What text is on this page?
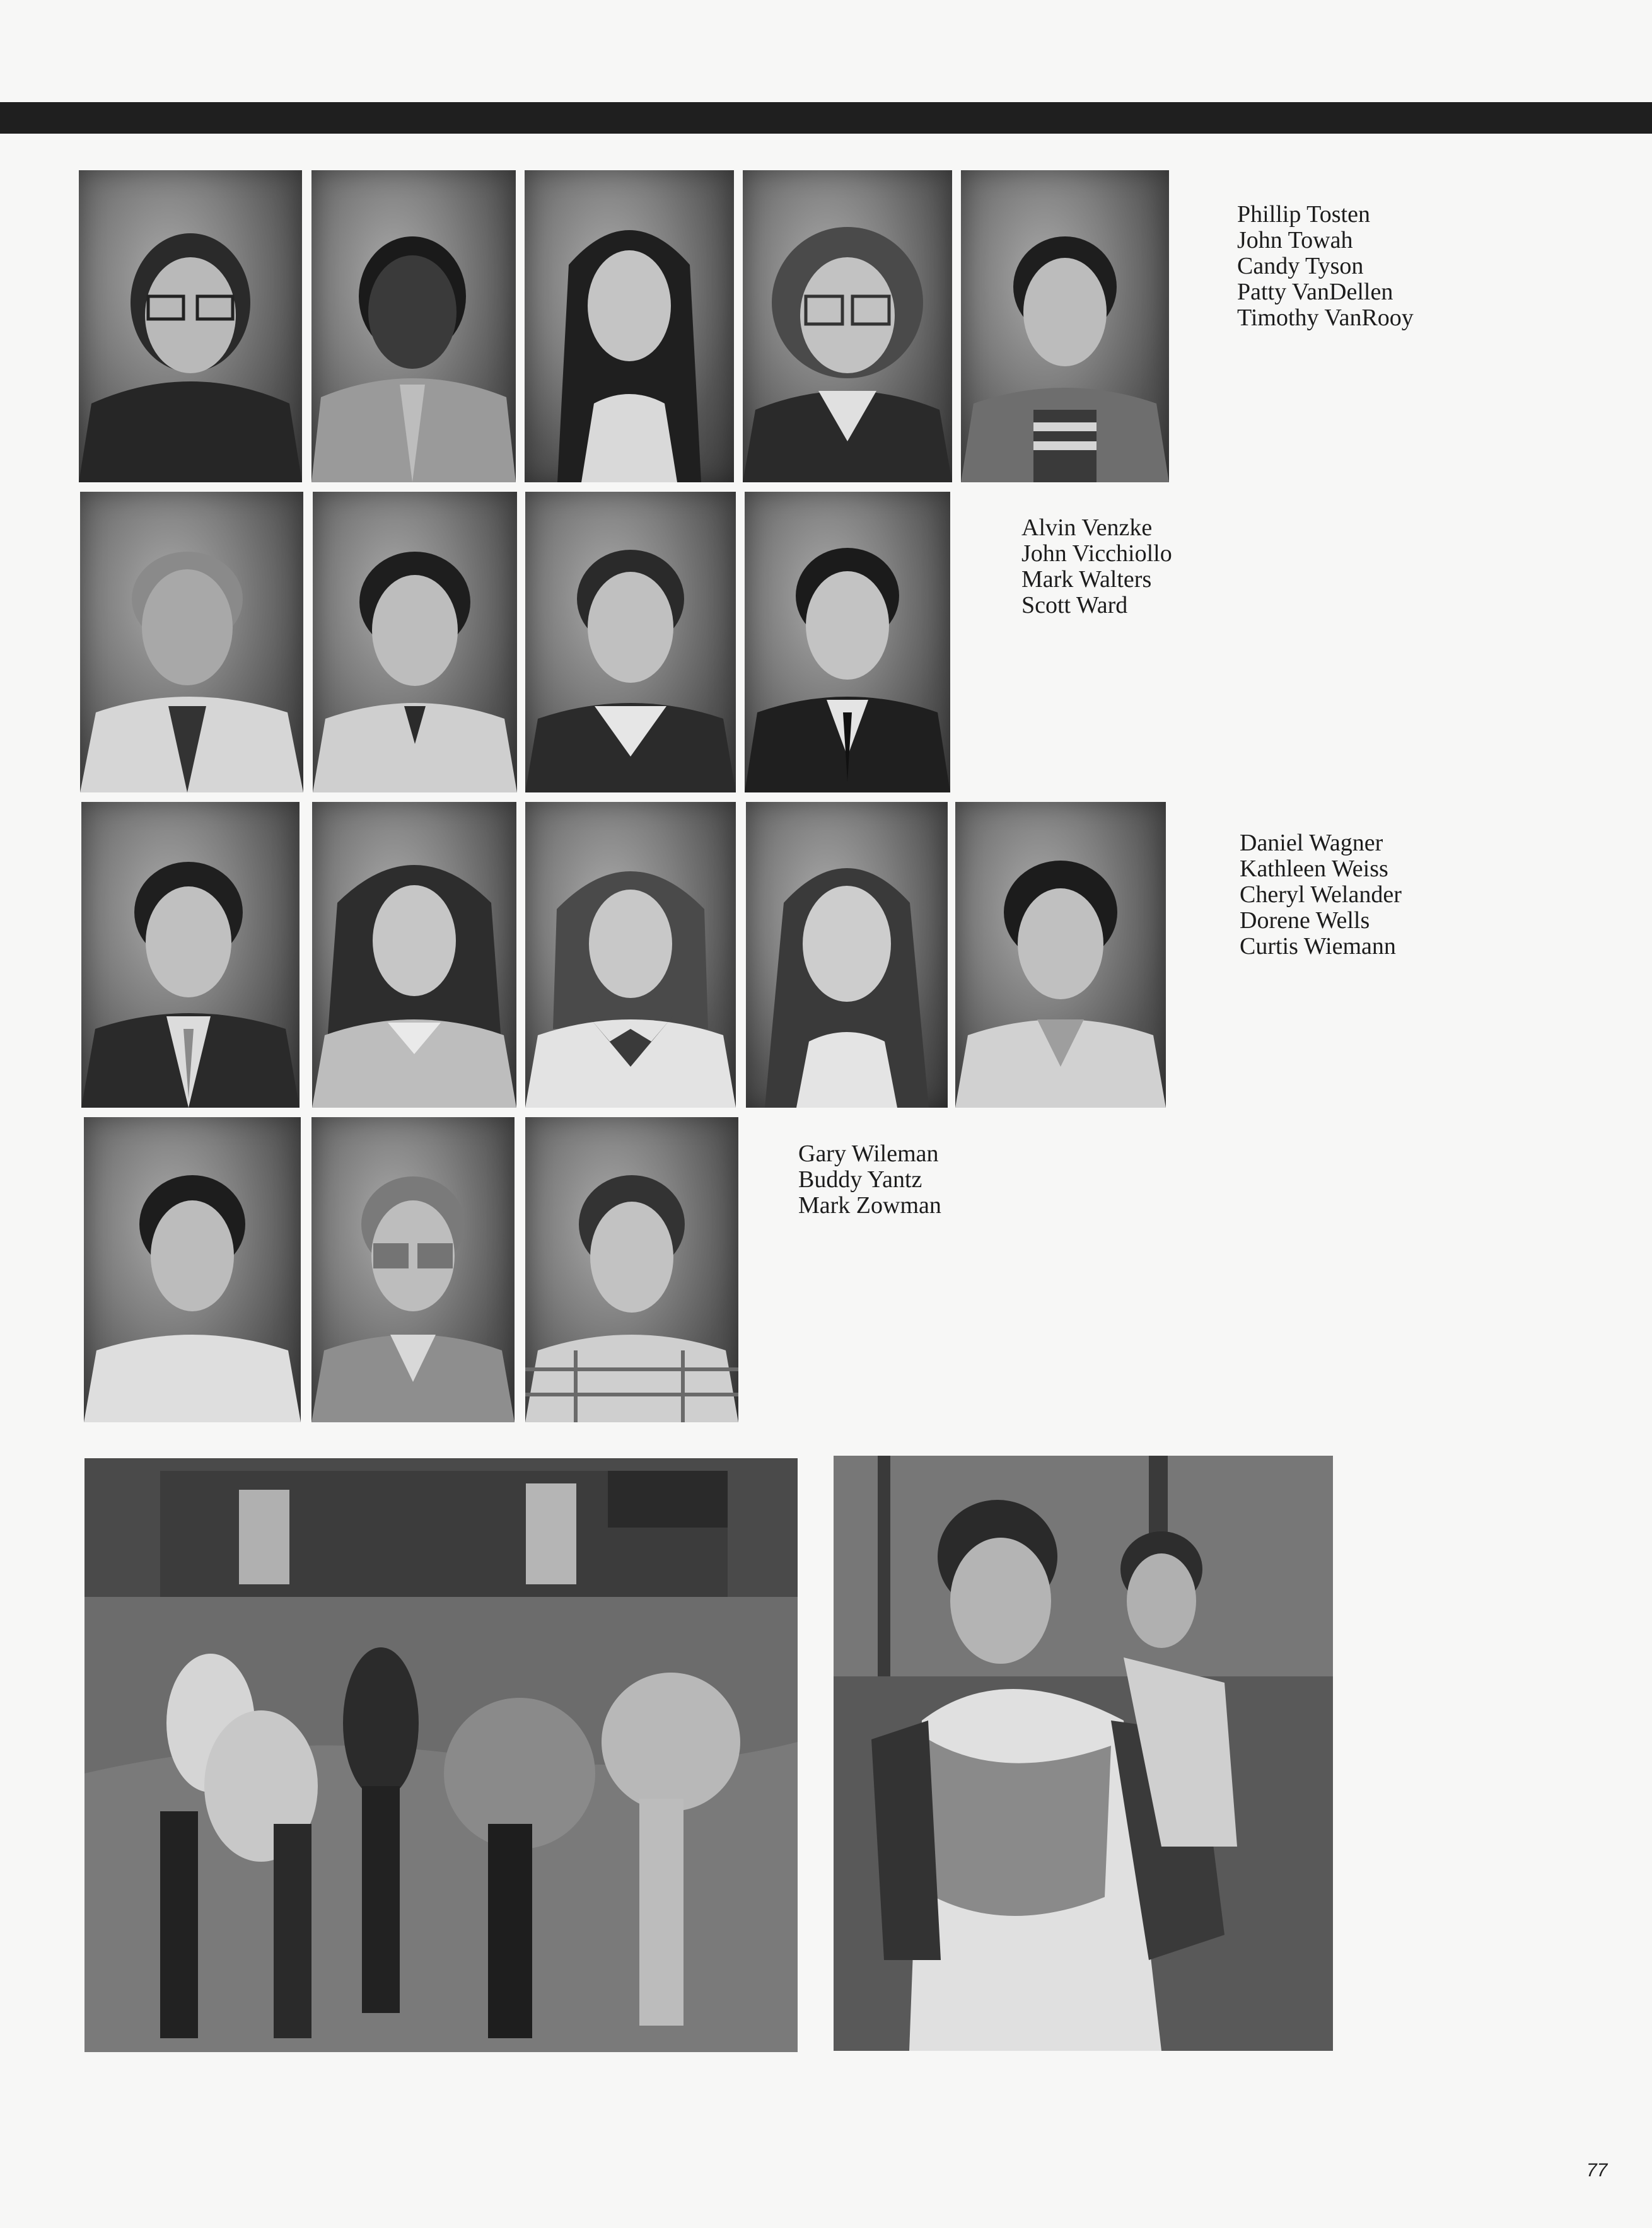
Phillip Tosten
John Towah
Candy Tyson
Patty VanDellen
Timothy VanRooy
Alvin Venzke
John Vicchiollo
Mark Walters
Scott Ward
Daniel Wagner
Kathleen Weiss
Cheryl Welander
Dorene Wells
Curtis Wiemann
Gary Wileman
Buddy Yantz
Mark Zowman
77
